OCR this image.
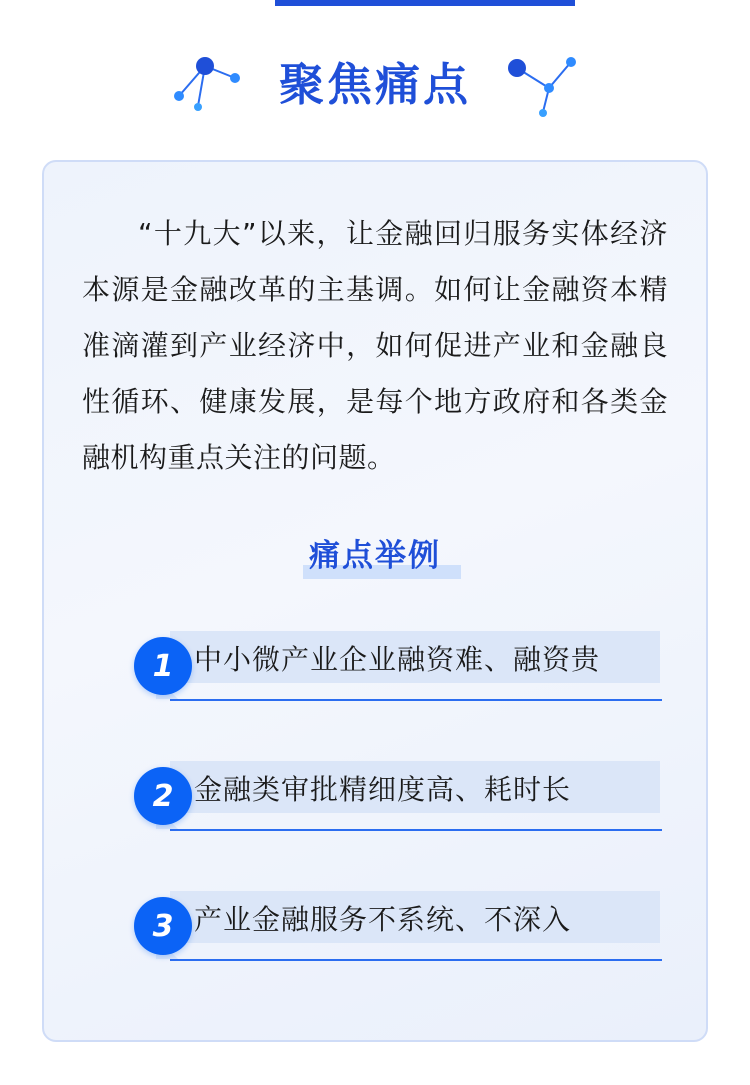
聚焦痛点
“十九大”以来，让金融回归服务实体经济本源是金融改革的主基调。如何让金融资本精准滴灌到产业经济中，如何促进产业和金融良性循环、健康发展，是每个地方政府和各类金融机构重点关注的问题。
痛点举例
1 中小微产业企业融资难、融资贵
2 金融类审批精细度高、耗时长
3 产业金融服务不系统、不深入
